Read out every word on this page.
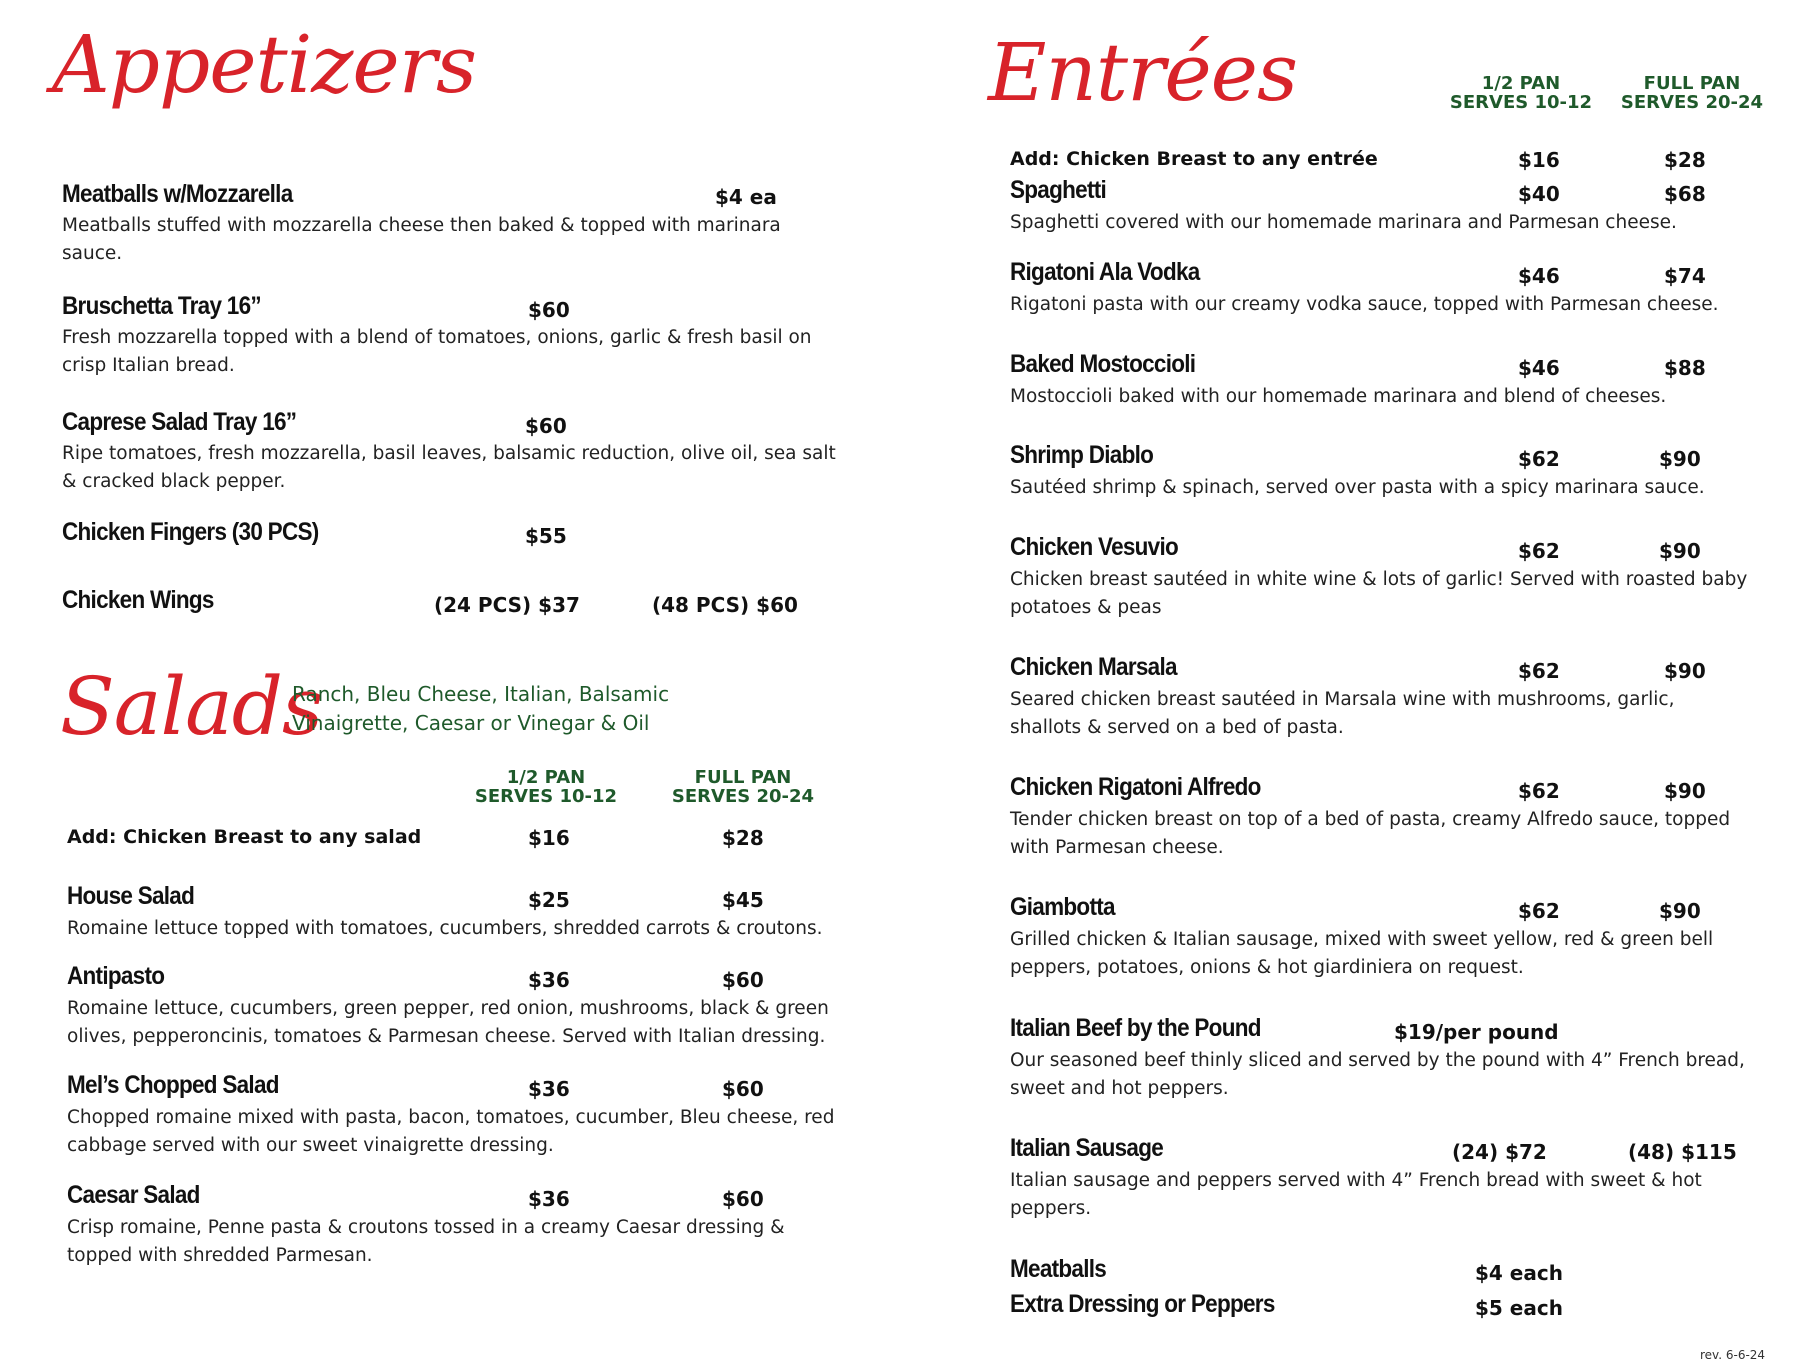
Appetizers
Meatballs w/Mozzarella	$4 ea
Meatballs stuffed with mozzarella cheese then baked & topped with marinara sauce.
Bruschetta Tray 16”	$60
Fresh mozzarella topped with a blend of tomatoes, onions, garlic & fresh basil on crisp Italian bread.
Caprese Salad Tray 16”	$60
Ripe tomatoes, fresh mozzarella, basil leaves, balsamic reduction, olive oil, sea salt & cracked black pepper.
Chicken Fingers (30 PCS)	$55
Chicken Wings	(24 PCS) $37	(48 PCS) $60
Salads
Ranch, Bleu Cheese, Italian, Balsamic Vinaigrette, Caesar or Vinegar & Oil
1/2 PAN
SERVES 10-12
FULL PAN
SERVES 20-24
Add: Chicken Breast to any salad	$16	$28
House Salad	$25	$45
Romaine lettuce topped with tomatoes, cucumbers, shredded carrots & croutons.
Antipasto	$36	$60
Romaine lettuce, cucumbers, green pepper, red onion, mushrooms, black & green olives, pepperoncinis, tomatoes & Parmesan cheese. Served with Italian dressing.
Mel’s Chopped Salad	$36	$60
Chopped romaine mixed with pasta, bacon, tomatoes, cucumber, Bleu cheese, red cabbage served with our sweet vinaigrette dressing.
Caesar Salad	$36	$60
Crisp romaine, Penne pasta & croutons tossed in a creamy Caesar dressing & topped with shredded Parmesan.
Entrées	1/2 PAN
SERVES 10-12
FULL PAN
SERVES 20-24
Add: Chicken Breast to any entrée	$16	$28
Spaghetti	$40	$68
Spaghetti covered with our homemade marinara and Parmesan cheese.
Rigatoni Ala Vodka	$46	$74
Rigatoni pasta with our creamy vodka sauce, topped with Parmesan cheese.
Baked Mostoccioli	$46	$88
Mostoccioli baked with our homemade marinara and blend of cheeses.
Shrimp Diablo	$62	$90
Sautéed shrimp & spinach, served over pasta with a spicy marinara sauce.
Chicken Vesuvio	$62	$90
Chicken breast sautéed in white wine & lots of garlic! Served with roasted baby potatoes & peas
Chicken Marsala	$62	$90
Seared chicken breast sautéed in Marsala wine with mushrooms, garlic, shallots & served on a bed of pasta.
Chicken Rigatoni Alfredo	$62	$90
Tender chicken breast on top of a bed of pasta, creamy Alfredo sauce, topped with Parmesan cheese.
Giambotta	$62	$90
Grilled chicken & Italian sausage, mixed with sweet yellow, red & green bell peppers, potatoes, onions & hot giardiniera on request.
Italian Beef by the Pound	$19/per pound
Our seasoned beef thinly sliced and served by the pound with 4” French bread, sweet and hot peppers.
Italian Sausage	(24) $72	(48) $115
Italian sausage and peppers served with 4” French bread with sweet & hot peppers.
Meatballs	$4 each
Extra Dressing or Peppers	$5 each
rev. 6-6-24
